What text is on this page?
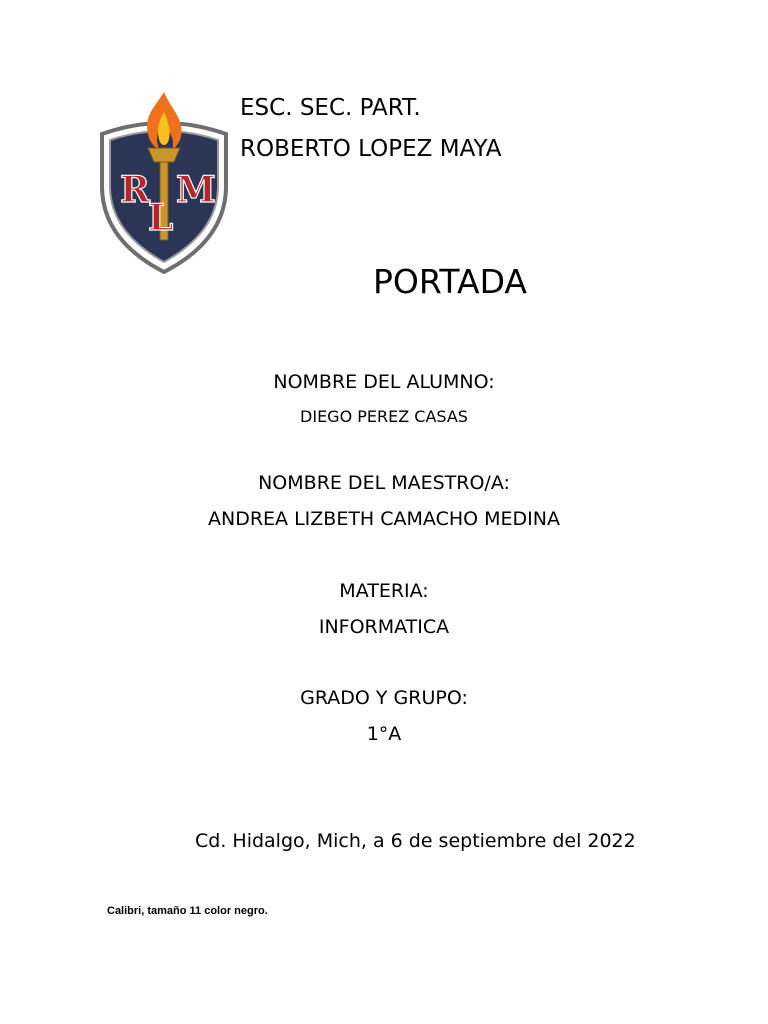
R M
L
ESC. SEC. PART.
ROBERTO LOPEZ MAYA
PORTADA
NOMBRE DEL ALUMNO:
DIEGO PEREZ CASAS
NOMBRE DEL MAESTRO/A:
ANDREA LIZBETH CAMACHO MEDINA
MATERIA:
INFORMATICA
GRADO Y GRUPO:
1°A
Cd. Hidalgo, Mich, a 6 de septiembre del 2022
Calibri, tamaño 11 color negro.
